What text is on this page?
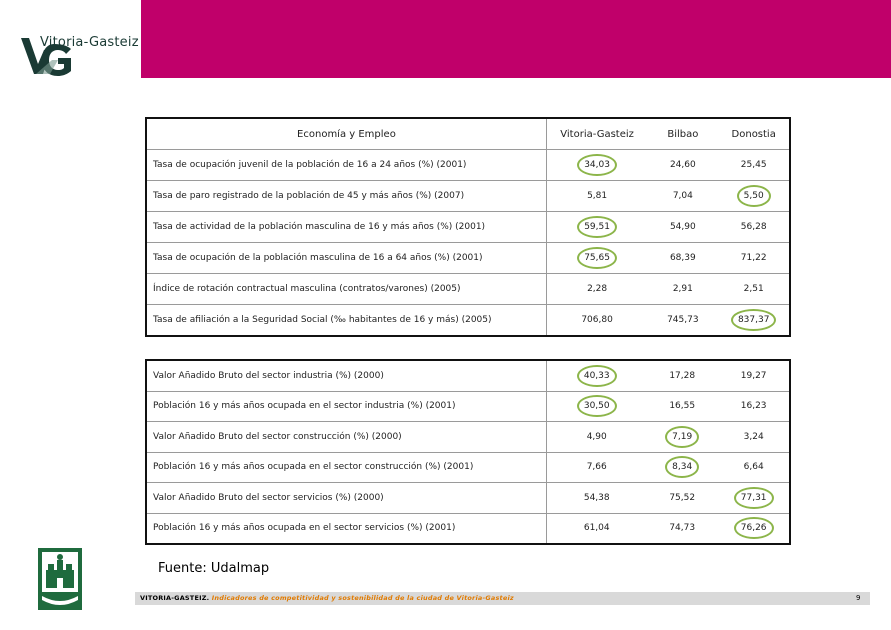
Vitoria-Gasteiz
Economía y Empleo	Vitoria-Gasteiz	Bilbao	Donostia
Tasa de ocupación juvenil de la población de 16 a 24 años (%) (2001)	34,03	24,60	25,45
Tasa de paro registrado de la población de 45 y más años (%) (2007)	5,81	7,04	5,50
Tasa de actividad de la población masculina de 16 y más años (%) (2001)	59,51	54,90	56,28
Tasa de ocupación de la población masculina de 16 a 64 años (%) (2001)	75,65	68,39	71,22
Índice de rotación contractual masculina (contratos/varones) (2005)	2,28	2,91	2,51
Tasa de afiliación a la Seguridad Social (‰ habitantes de 16 y más) (2005)	706,80	745,73	837,37
Valor Añadido Bruto del sector industria (%) (2000)	40,33	17,28	19,27
Población 16 y más años ocupada en el sector industria (%) (2001)	30,50	16,55	16,23
Valor Añadido Bruto del sector construcción (%) (2000)	4,90	7,19	3,24
Población 16 y más años ocupada en el sector construcción (%) (2001)	7,66	8,34	6,64
Valor Añadido Bruto del sector servicios (%) (2000)	54,38	75,52	77,31
Población 16 y más años ocupada en el sector servicios (%) (2001)	61,04	74,73	76,26
Fuente: Udalmap
VITORIA-GASTEIZ. Indicadores de competitividad y sostenibilidad de la ciudad de Vitoria-Gasteiz	9
